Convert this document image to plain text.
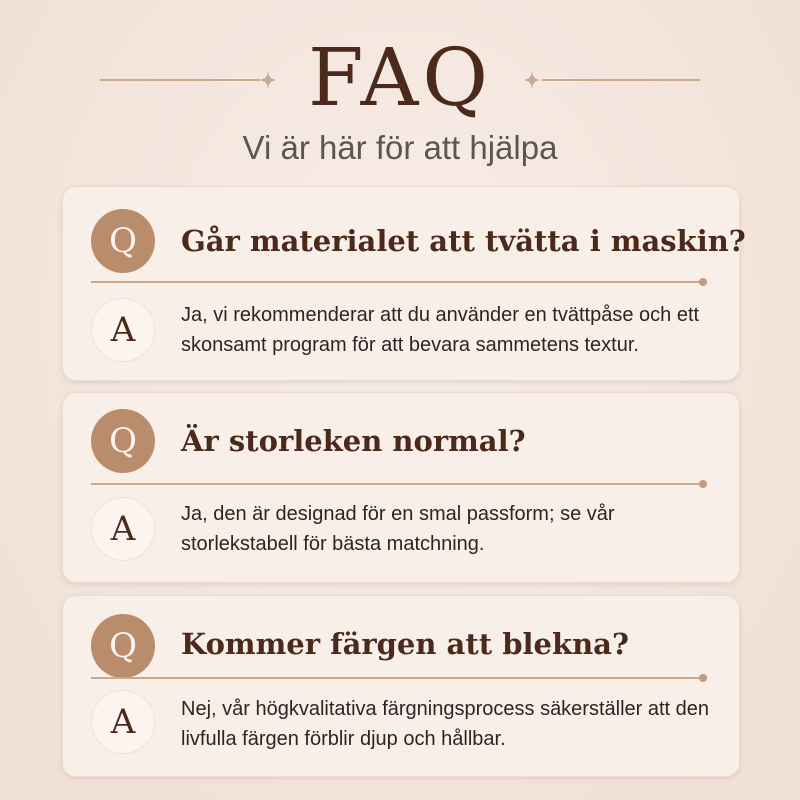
FAQ
Vi är här för att hjälpa
Q	Går materialet att tvätta i maskin?
A	Ja, vi rekommenderar att du använder en tvättpåse och ett skonsamt program för att bevara sammetens textur.
Q	Är storleken normal?
A	Ja, den är designad för en smal passform; se vår storlekstabell för bästa matchning.
Q	Kommer färgen att blekna?
A	Nej, vår högkvalitativa färgningsprocess säkerställer att den livfulla färgen förblir djup och hållbar.
